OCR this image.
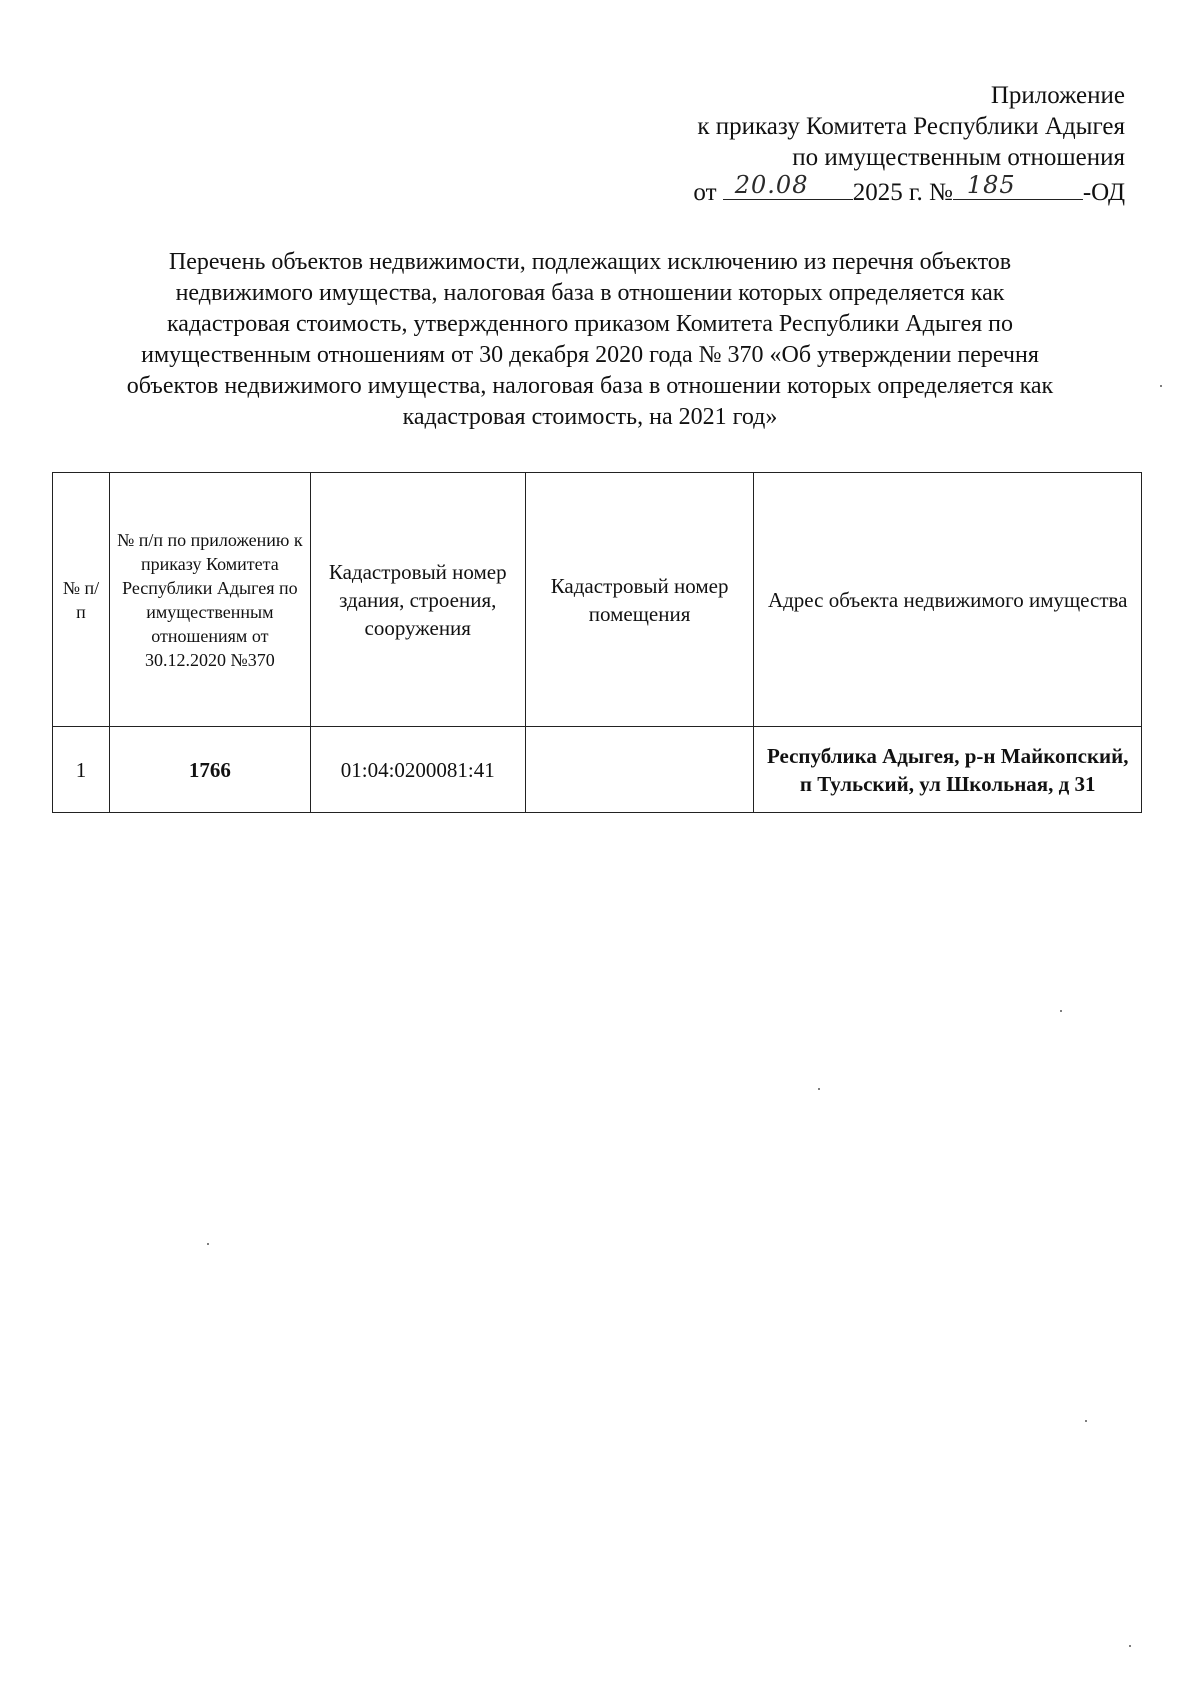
Приложение
к приказу Комитета Республики Адыгея
по имущественным отношения
от 20.08 2025 г. № 185	-ОД
Перечень объектов недвижимости, подлежащих исключению из перечня объектов
недвижимого имущества, налоговая база в отношении которых определяется как
кадастровая стоимость, утвержденного приказом Комитета Республики Адыгея по
имущественным отношениям от 30 декабря 2020 года № 370 «Об утверждении перечня
объектов недвижимого имущества, налоговая база в отношении которых определяется как
кадастровая стоимость, на 2021 год»
№ п/п	№ п/п по приложению к приказу Комитета Республики Адыгея по имущественным отношениям от 30.12.2020 №370	Кадастровый номер здания, строения, сооружения	Кадастровый номер помещения	Адрес объекта недвижимого имущества
1	1766	01:04:0200081:41		Республика Адыгея, р-н Майкопский, п Тульский, ул Школьная, д 31
